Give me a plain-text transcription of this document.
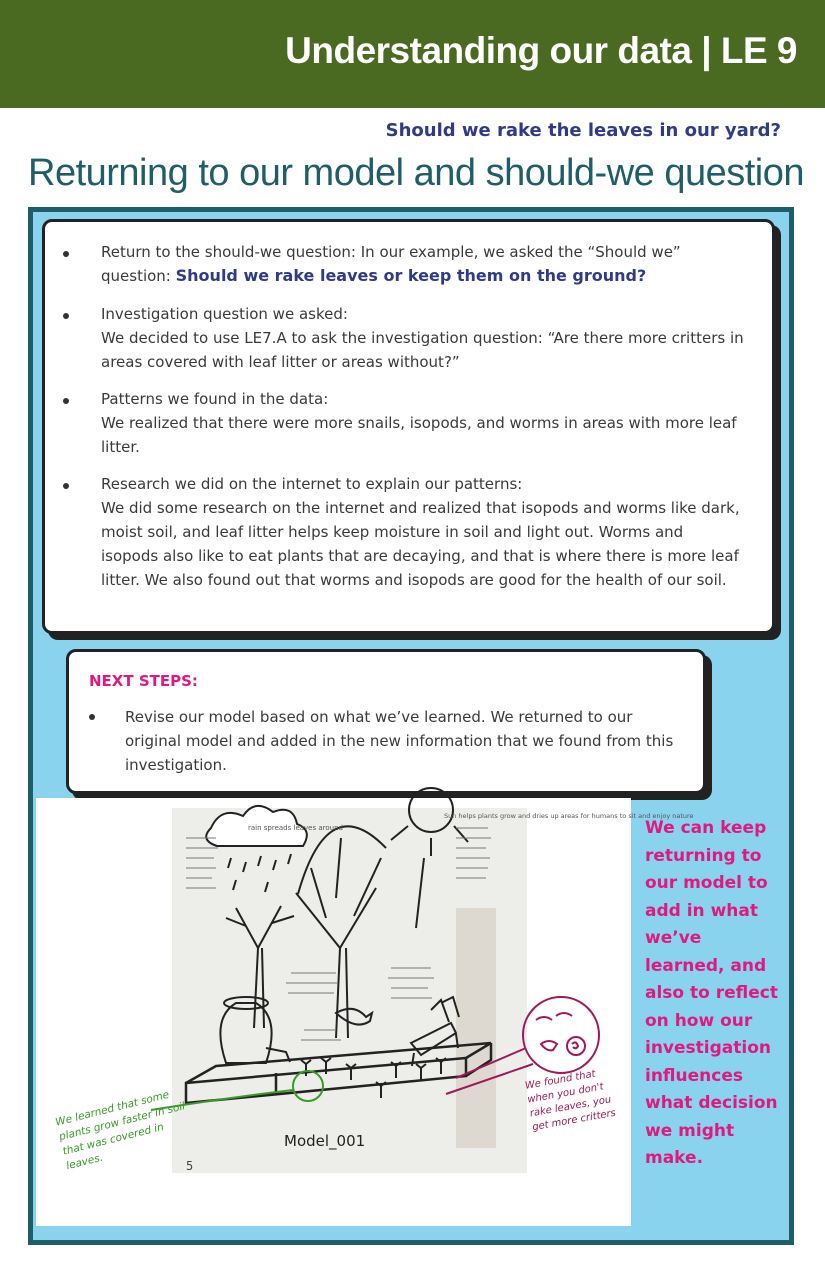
Understanding our data | LE 9
Should we rake the leaves in our yard?
Returning to our model and should-we question
Return to the should-we question: In our example, we asked the “Should we” question: Should we rake leaves or keep them on the ground?
Investigation question we asked:
We decided to use LE7.A to ask the investigation question: “Are there more critters in areas covered with leaf litter or areas without?”
Patterns we found in the data:
We realized that there were more snails, isopods, and worms in areas with more leaf litter.
Research we did on the internet to explain our patterns:
We did some research on the internet and realized that isopods and worms like dark, moist soil, and leaf litter helps keep moisture in soil and light out. Worms and isopods also like to eat plants that are decaying, and that is where there is more leaf litter. We also found out that worms and isopods are good for the health of our soil.
NEXT STEPS:
Revise our model based on what we’ve learned. We returned to our original model and added in the new information that we found from this investigation.
5
Model_001
rain spreads leaves around
Sun helps plants grow and dries up areas for humans to sit and enjoy nature
We learned that some plants grow faster in soil that was covered in leaves.
We found that when you don't rake leaves, you get more critters
We can keep returning to our model to add in what we’ve learned, and also to reflect on how our investigation influences what decision we might make.
